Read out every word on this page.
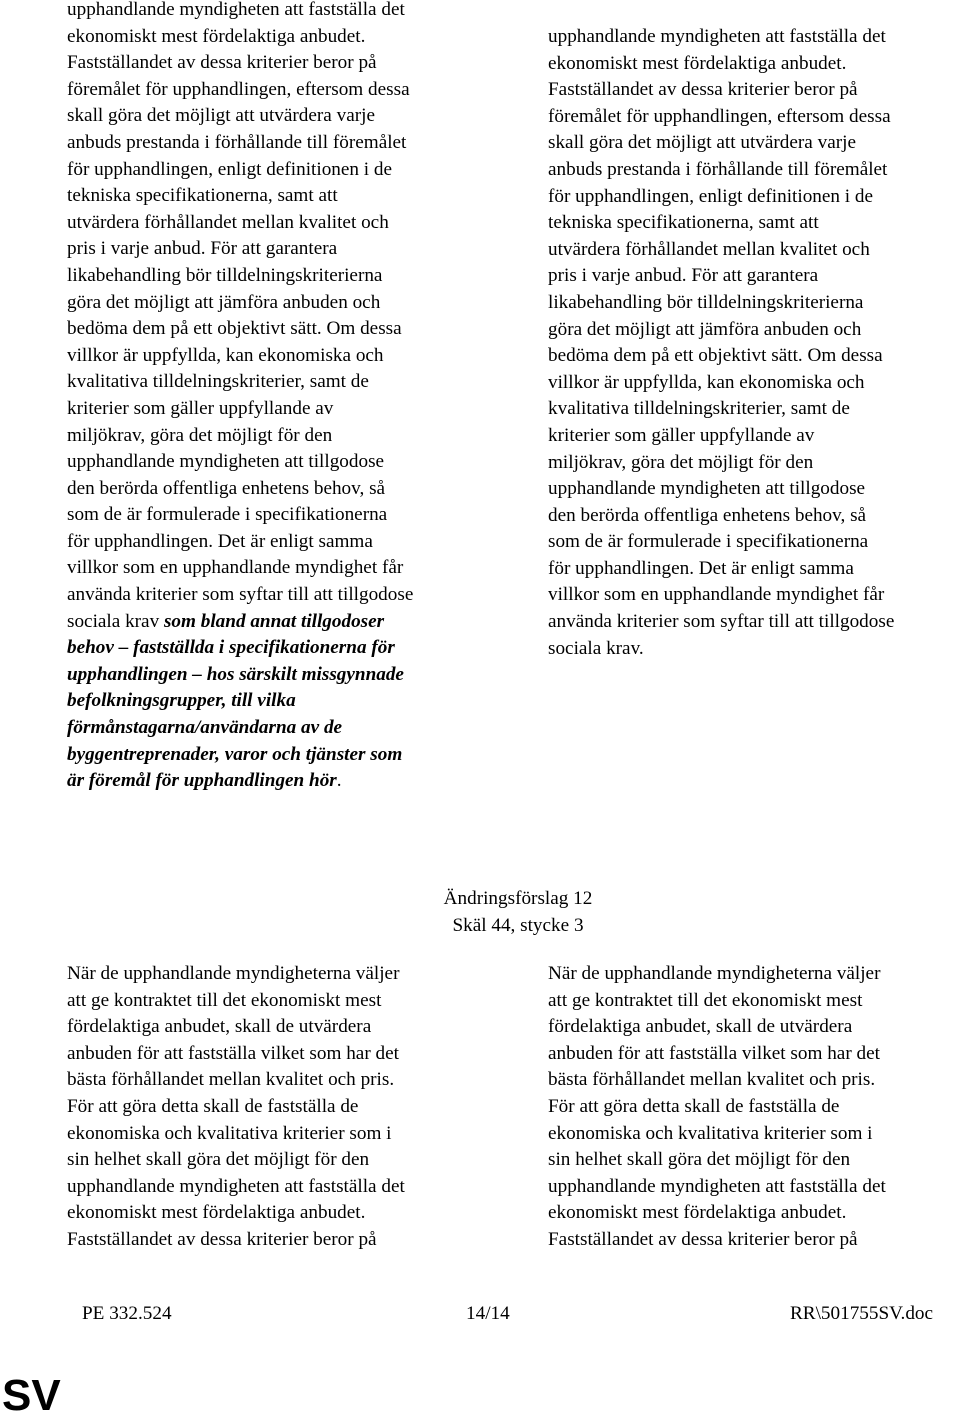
upphandlande myndigheten att fastställa det
ekonomiskt mest fördelaktiga anbudet.
Fastställandet av dessa kriterier beror på
föremålet för upphandlingen, eftersom dessa
skall göra det möjligt att utvärdera varje
anbuds prestanda i förhållande till föremålet
för upphandlingen, enligt definitionen i de
tekniska specifikationerna, samt att
utvärdera förhållandet mellan kvalitet och
pris i varje anbud. För att garantera
likabehandling bör tilldelningskriterierna
göra det möjligt att jämföra anbuden och
bedöma dem på ett objektivt sätt. Om dessa
villkor är uppfyllda, kan ekonomiska och
kvalitativa tilldelningskriterier, samt de
kriterier som gäller uppfyllande av
miljökrav, göra det möjligt för den
upphandlande myndigheten att tillgodose
den berörda offentliga enhetens behov, så
som de är formulerade i specifikationerna
för upphandlingen. Det är enligt samma
villkor som en upphandlande myndighet får
använda kriterier som syftar till att tillgodose
sociala krav som bland annat tillgodoser
behov – fastställda i specifikationerna för
upphandlingen – hos särskilt missgynnade
befolkningsgrupper, till vilka
förmånstagarna/användarna av de
byggentreprenader, varor och tjänster som
är föremål för upphandlingen hör.
upphandlande myndigheten att fastställa det
ekonomiskt mest fördelaktiga anbudet.
Fastställandet av dessa kriterier beror på
föremålet för upphandlingen, eftersom dessa
skall göra det möjligt att utvärdera varje
anbuds prestanda i förhållande till föremålet
för upphandlingen, enligt definitionen i de
tekniska specifikationerna, samt att
utvärdera förhållandet mellan kvalitet och
pris i varje anbud. För att garantera
likabehandling bör tilldelningskriterierna
göra det möjligt att jämföra anbuden och
bedöma dem på ett objektivt sätt. Om dessa
villkor är uppfyllda, kan ekonomiska och
kvalitativa tilldelningskriterier, samt de
kriterier som gäller uppfyllande av
miljökrav, göra det möjligt för den
upphandlande myndigheten att tillgodose
den berörda offentliga enhetens behov, så
som de är formulerade i specifikationerna
för upphandlingen. Det är enligt samma
villkor som en upphandlande myndighet får
använda kriterier som syftar till att tillgodose
sociala krav.
Ändringsförslag 12
Skäl 44, stycke 3
När de upphandlande myndigheterna väljer
att ge kontraktet till det ekonomiskt mest
fördelaktiga anbudet, skall de utvärdera
anbuden för att fastställa vilket som har det
bästa förhållandet mellan kvalitet och pris.
För att göra detta skall de fastställa de
ekonomiska och kvalitativa kriterier som i
sin helhet skall göra det möjligt för den
upphandlande myndigheten att fastställa det
ekonomiskt mest fördelaktiga anbudet.
Fastställandet av dessa kriterier beror på
När de upphandlande myndigheterna väljer
att ge kontraktet till det ekonomiskt mest
fördelaktiga anbudet, skall de utvärdera
anbuden för att fastställa vilket som har det
bästa förhållandet mellan kvalitet och pris.
För att göra detta skall de fastställa de
ekonomiska och kvalitativa kriterier som i
sin helhet skall göra det möjligt för den
upphandlande myndigheten att fastställa det
ekonomiskt mest fördelaktiga anbudet.
Fastställandet av dessa kriterier beror på
PE 332.524	14/14	RR\501755SV.doc
SV
